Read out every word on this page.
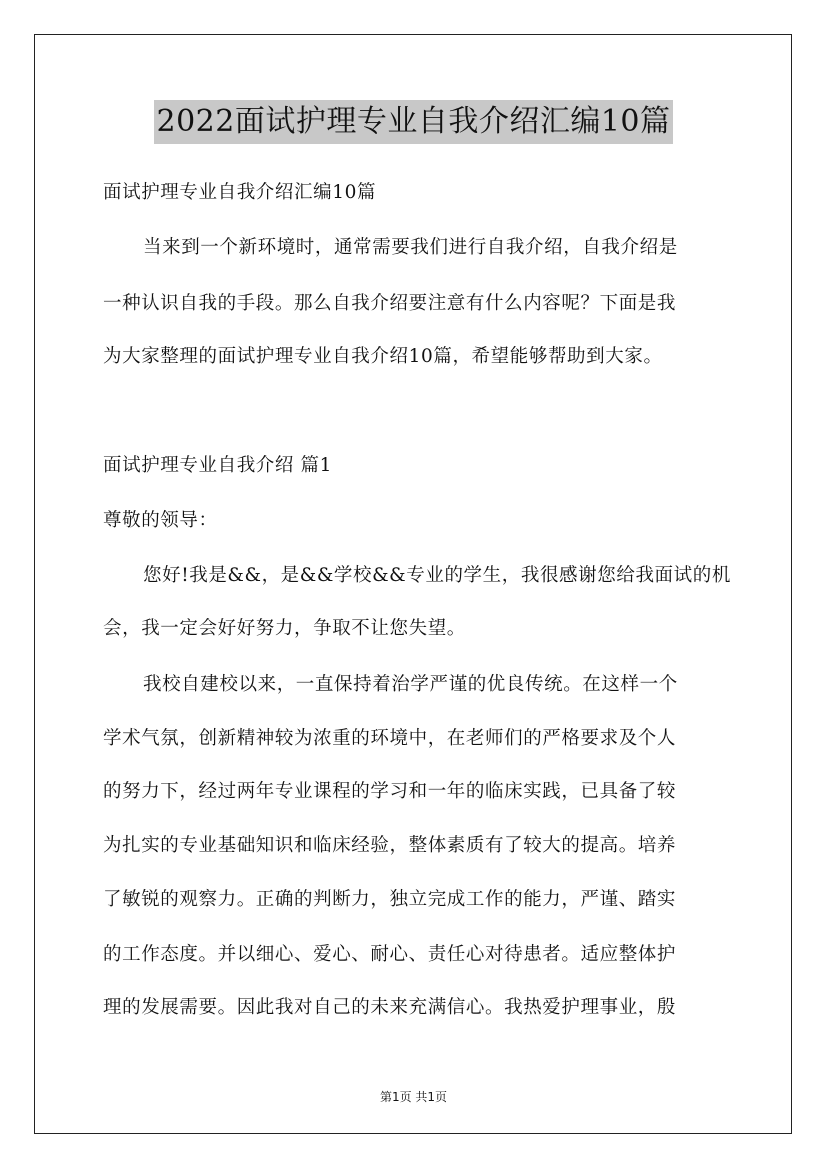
2022面试护理专业自我介绍汇编10篇
面试护理专业自我介绍汇编10篇
当来到一个新环境时，通常需要我们进行自我介绍，自我介绍是
一种认识自我的手段。那么自我介绍要注意有什么内容呢？下面是我
为大家整理的面试护理专业自我介绍10篇，希望能够帮助到大家。
面试护理专业自我介绍 篇1
尊敬的领导：
您好!我是&&，是&&学校&&专业的学生，我很感谢您给我面试的机
会，我一定会好好努力，争取不让您失望。
我校自建校以来，一直保持着治学严谨的优良传统。在这样一个
学术气氛，创新精神较为浓重的环境中，在老师们的严格要求及个人
的努力下，经过两年专业课程的学习和一年的临床实践，已具备了较
为扎实的专业基础知识和临床经验，整体素质有了较大的提高。培养
了敏锐的观察力。正确的判断力，独立完成工作的能力，严谨、踏实
的工作态度。并以细心、爱心、耐心、责任心对待患者。适应整体护
理的发展需要。因此我对自己的未来充满信心。我热爱护理事业，殷
第1页 共1页
